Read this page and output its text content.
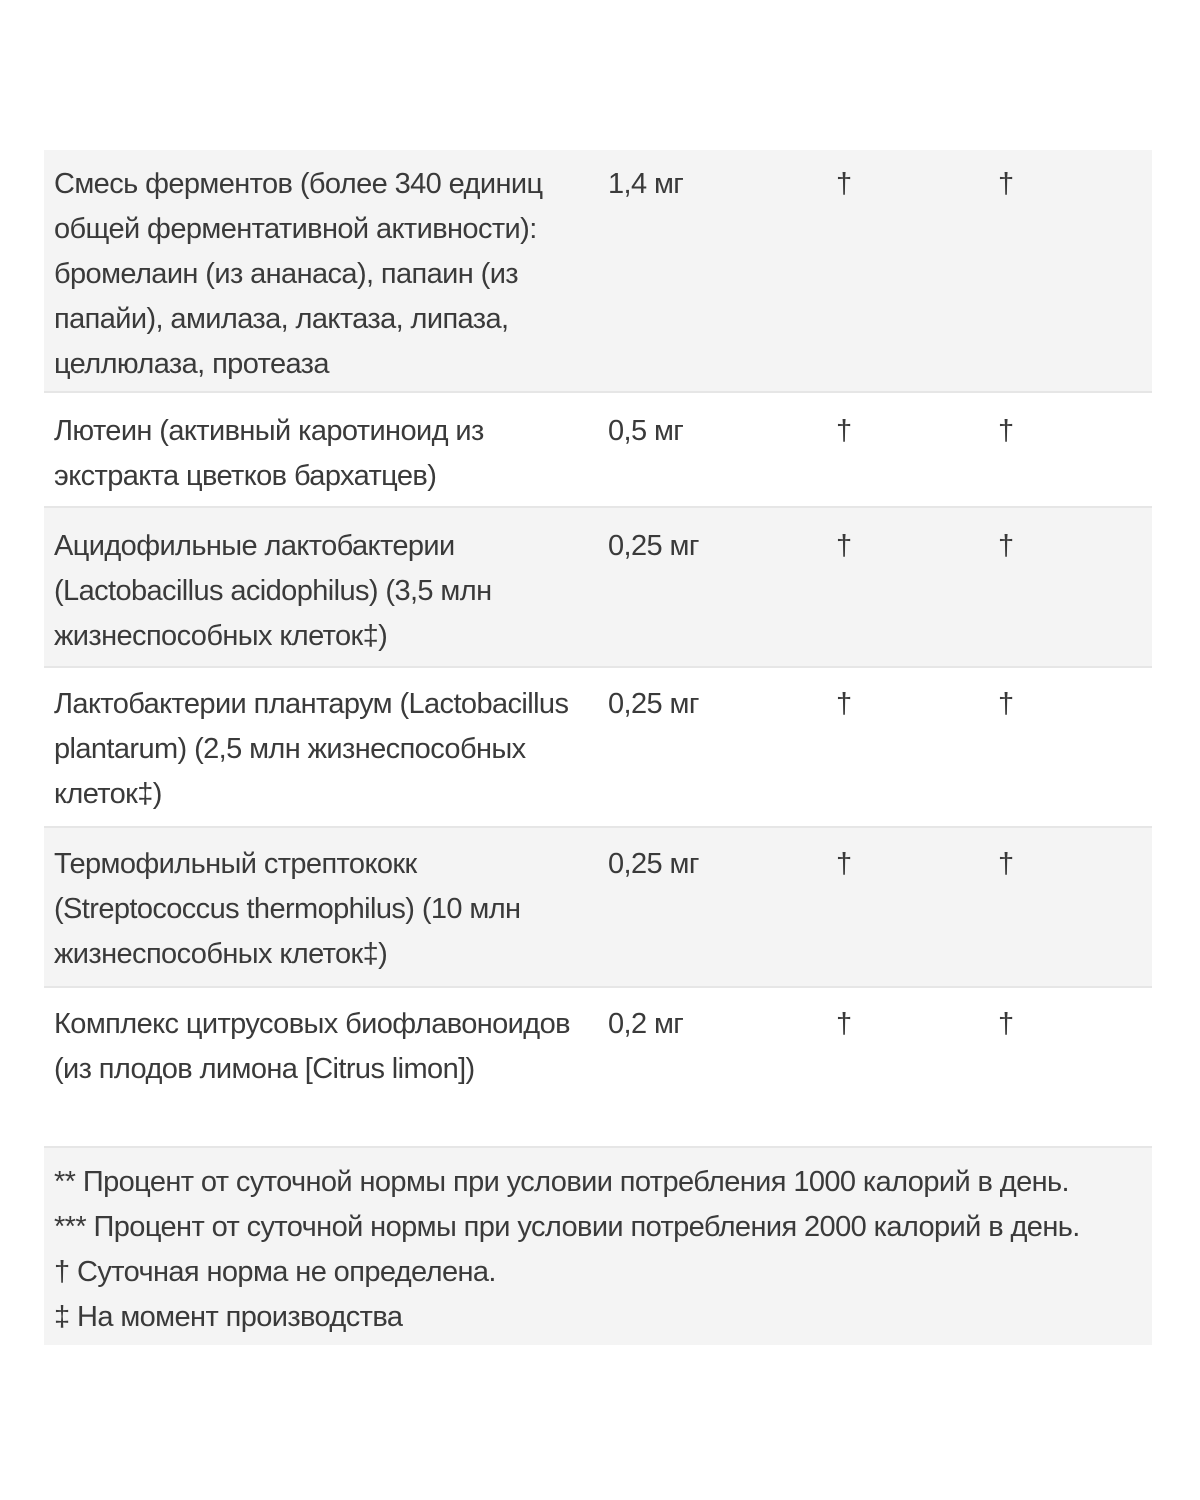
Смесь ферментов (более 340 единиц общей ферментативной активности): бромелаин (из ананаса), папаин (из папайи), амилаза, лактаза, липаза, целлюлаза, протеаза
1,4 мг	†	†
Лютеин (активный каротиноид из экстракта цветков бархатцев)
0,5 мг	†	†
Ацидофильные лактобактерии (Lactobacillus acidophilus) (3,5 млн жизнеспособных клеток‡)
0,25 мг	†	†
Лактобактерии плантарум (Lactobacillus plantarum) (2,5 млн жизнеспособных клеток‡)
0,25 мг	†	†
Термофильный стрептококк (Streptococcus thermophilus) (10 млн жизнеспособных клеток‡)
0,25 мг	†	†
Комплекс цитрусовых биофлавоноидов (из плодов лимона [Citrus limon])
0,2 мг	†	†

** Процент от суточной нормы при условии потребления 1000 калорий в день.

*** Процент от суточной нормы при условии потребления 2000 калорий в день.

† Суточная норма не определена.

‡ На момент производства
